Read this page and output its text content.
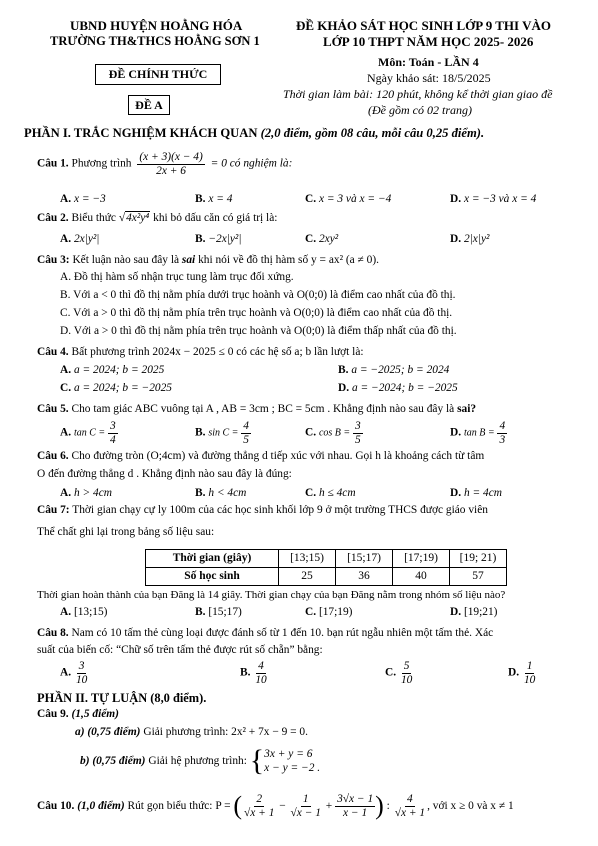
UBND HUYỆN HOẰNG HÓA
TRƯỜNG TH&THCS HOẰNG SƠN 1
ĐỀ CHÍNH THỨC
ĐỀ A
ĐỀ KHẢO SÁT HỌC SINH LỚP 9 THI VÀO
LỚP 10 THPT NĂM HỌC 2025- 2026
Môn: Toán - LẦN 4
Ngày khảo sát: 18/5/2025
Thời gian làm bài: 120 phút, không kể thời gian giao đề
(Đề gồm có 02 trang)
PHẦN I. TRẮC NGHIỆM KHÁCH QUAN (2,0 điểm, gồm 08 câu, mỗi câu 0,25 điểm).
Câu 1. Phương trình $\frac{(x + 3)(x - 4)}{2x + 6} = 0$ có nghiệm là:
A. x = −3	B. x = 4	C. x = 3 và x = −4	D. x = −3 và x = 4
Câu 2. Biểu thức √4x²y⁴ khi bỏ dấu căn có giá trị là:
A. 2x|y²|	B. −2x|y²|	C. 2xy²	D. 2|x|y²
Câu 3: Kết luận nào sau đây là sai khi nói về đồ thị hàm số y = ax² (a ≠ 0).
A. Đồ thị hàm số nhận trục tung làm trục đối xứng.
B. Với a < 0 thì đồ thị nằm phía dưới trục hoành và O(0;0) là điểm cao nhất của đồ thị.
C. Với a > 0 thì đồ thị nằm phía trên trục hoành và O(0;0) là điểm cao nhất của đồ thị.
D. Với a > 0 thì đồ thị nằm phía trên trục hoành và O(0;0) là điểm thấp nhất của đồ thị.
Câu 4. Bất phương trình 2024x − 2025 ≤ 0 có các hệ số a; b lần lượt là:
A. a = 2024; b = 2025	B. a = −2025; b = 2024
C. a = 2024; b = −2025	D. a = −2024; b = −2025
Câu 5. Cho tam giác ABC vuông tại A , AB = 3cm ; BC = 5cm . Khẳng định nào sau đây là sai?
A. $\tan C = \frac{3}{4}$	B. $\sin C = \frac{4}{5}$	C. $\cos B = \frac{3}{5}$	D. $\tan B = \frac{4}{3}$
Câu 6. Cho đường tròn (O;4cm) và đường thẳng d tiếp xúc với nhau. Gọi h là khoảng cách từ tâm
O đến đường thẳng d . Khẳng định nào sau đây là đúng:
A. h > 4cm	B. h < 4cm	C. h ≤ 4cm	D. h = 4cm
Câu 7: Thời gian chạy cự ly 100m của các học sinh khối lớp 9 ở một trường THCS được giáo viên
Thể chất ghi lại trong bảng số liệu sau:
Thời gian (giây)	[13;15)	[15;17)	[17;19)	[19; 21)
Số học sinh	25	36	40	57
Thời gian hoàn thành của bạn Đăng là 14 giây. Thời gian chạy của bạn Đăng nằm trong nhóm số liệu nào?
A. [13;15)	B. [15;17)	C. [17;19)	D. [19;21)
Câu 8. Nam có 10 tấm thẻ cùng loại được đánh số từ 1 đến 10. bạn rút ngẫu nhiên một tấm thẻ. Xác
suất của biến cố: “Chữ số trên tấm thẻ được rút số chẵn” bằng:
A. $\frac{3}{10}$	B. $\frac{4}{10}$	C. $\frac{5}{10}$	D. $\frac{1}{10}$
PHẦN II. TỰ LUẬN (8,0 điểm).
Câu 9. (1,5 điểm)
a) (0,75 điểm) Giải phương trình: 2x² + 7x − 9 = 0.
b) (0,75 điểm) Giải hệ phương trình: { 3x + y = 6
x − y = −2 .
Câu 10. (1,0 điểm) Rút gọn biểu thức: P = ( $\frac{2}{√x + 1} - \frac{1}{√x - 1} + \frac{3√x - 1}{x - 1}$ ) : $\frac{4}{√x + 1}$ , với x ≥ 0 và x ≠ 1
